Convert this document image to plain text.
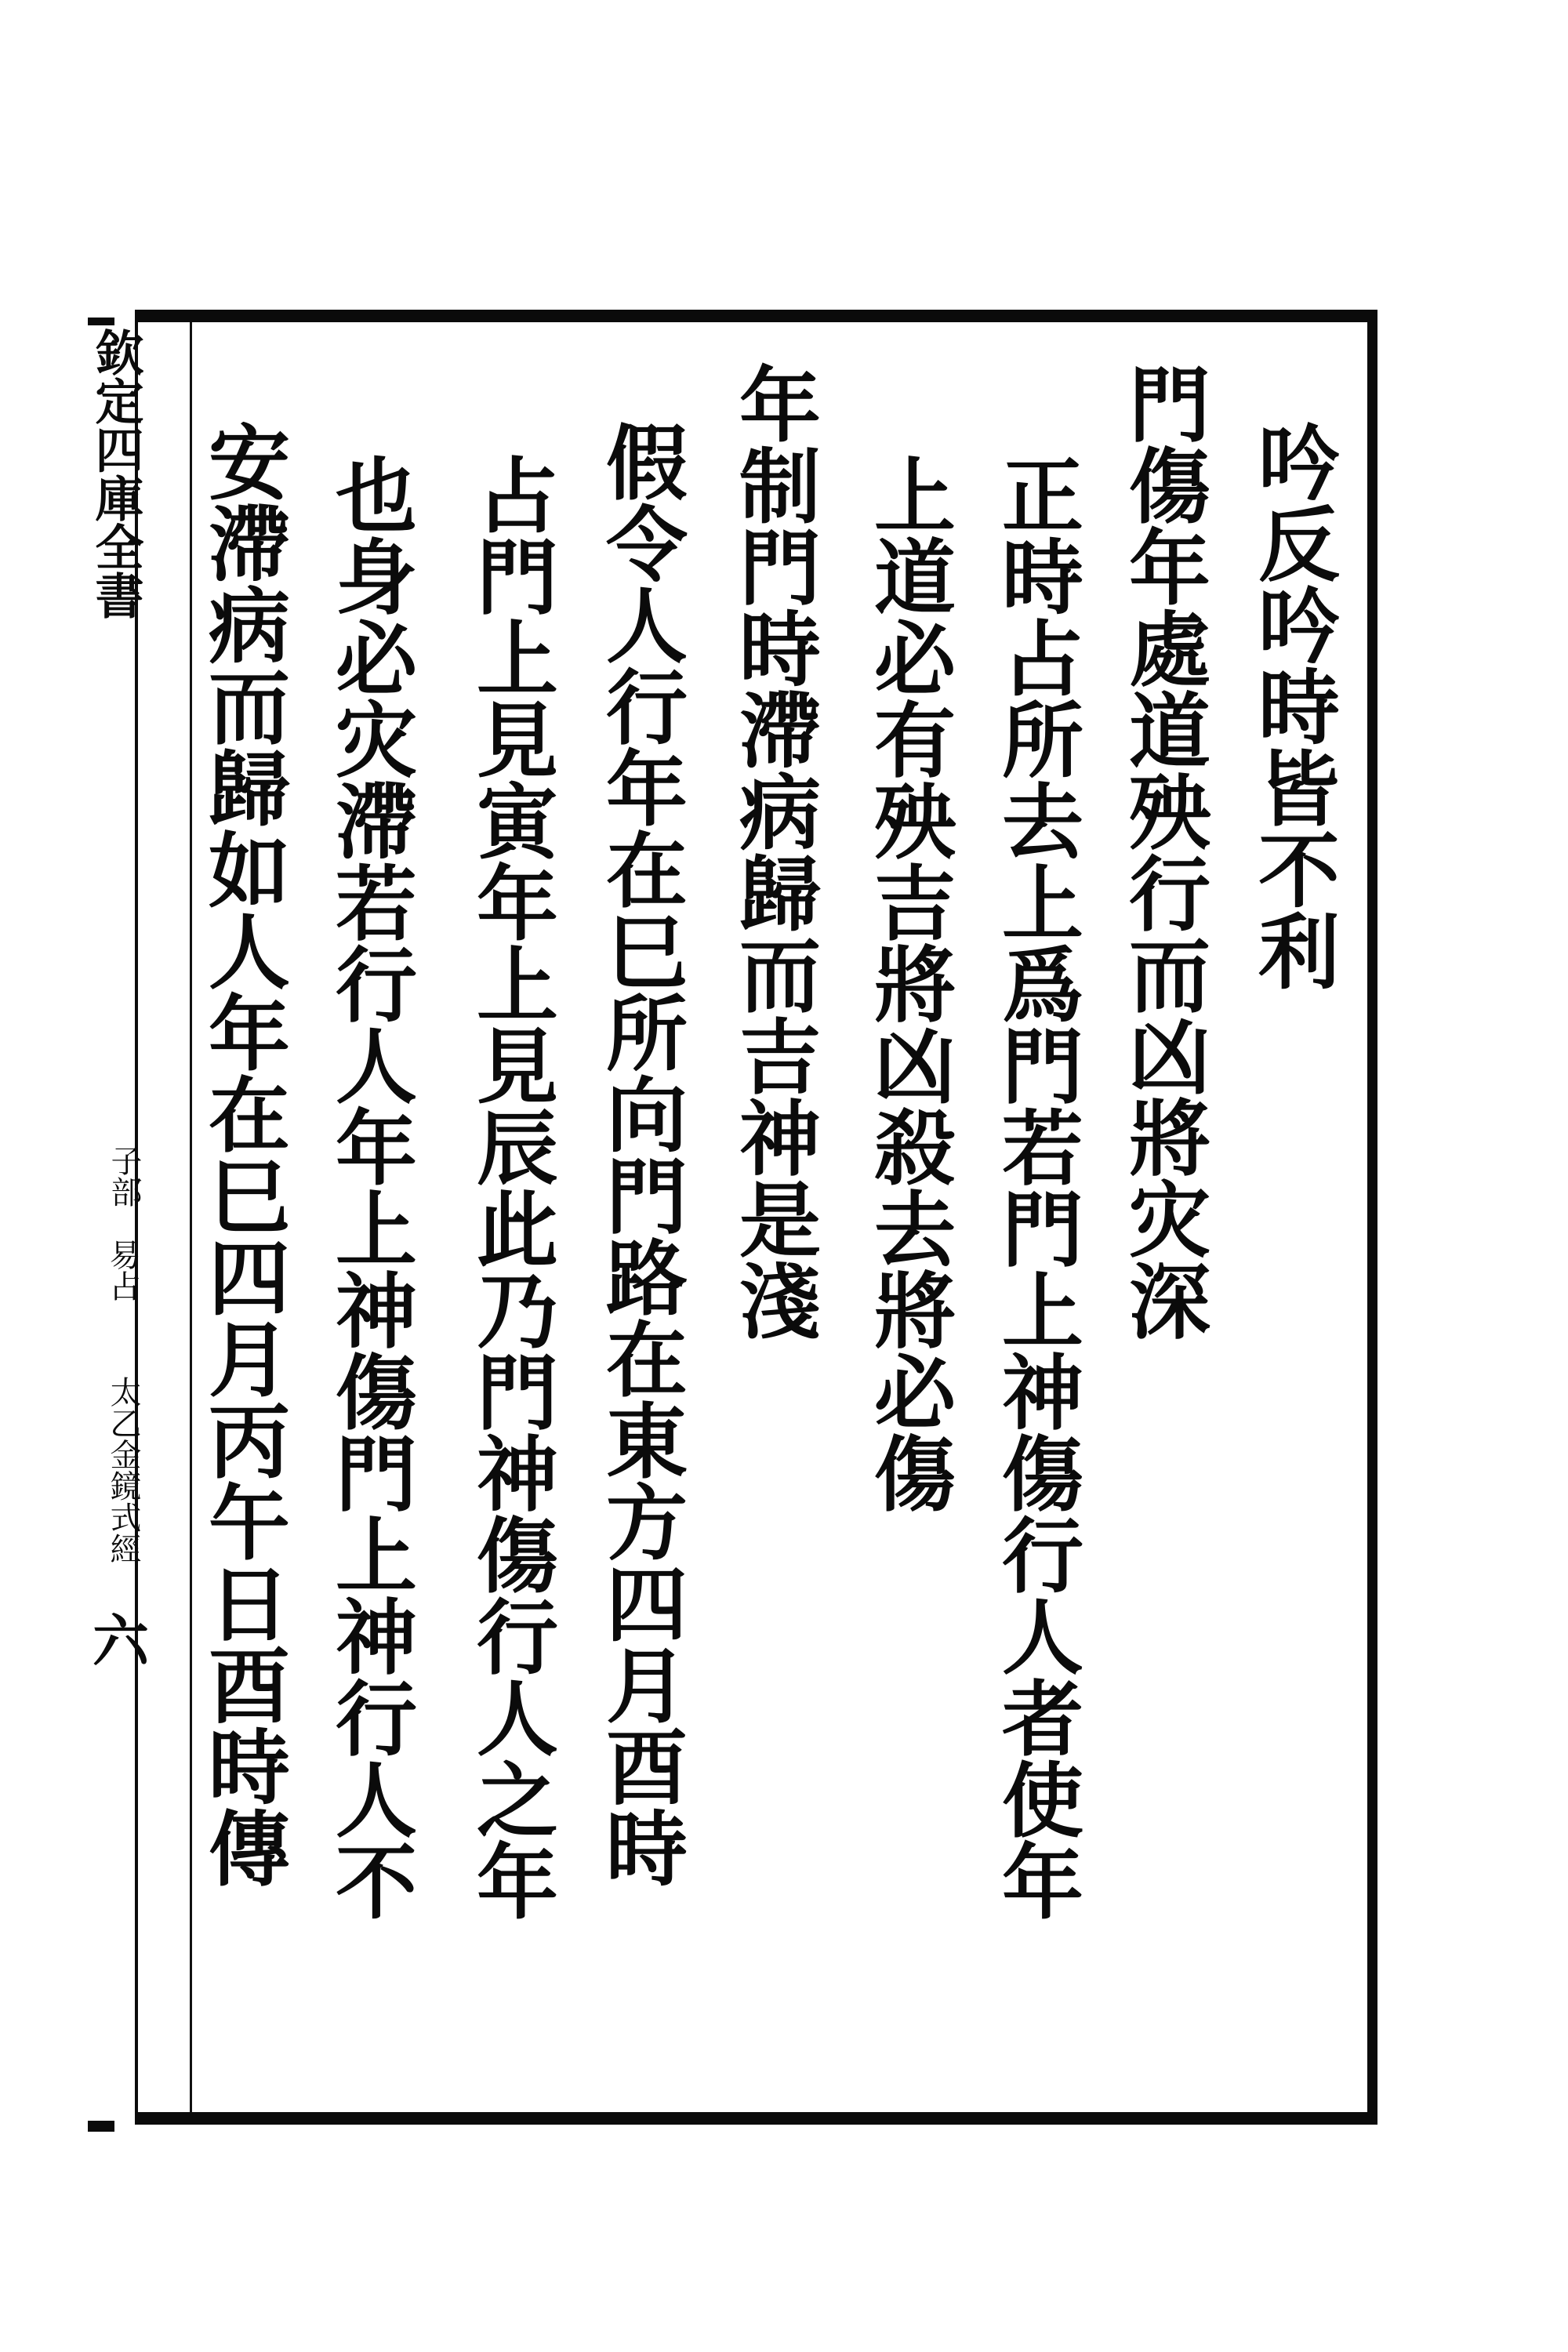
欽定四庫全書
子部
易占
太乙金鏡式經
六
吟反吟時皆不利
門傷年處道殃行而凶將灾深
正時占所去上爲門若門上神傷行人者使年
上道必有殃吉將凶殺去將必傷
年制門時滯病歸而吉神是淺
假令人行年在巳所向門路在東方四月酉時
占門上見寅年上見辰此乃門神傷行人之年
也身必灾滯若行人年上神傷門上神行人不
安滯病而歸如人年在巳四月丙午日酉時傳
